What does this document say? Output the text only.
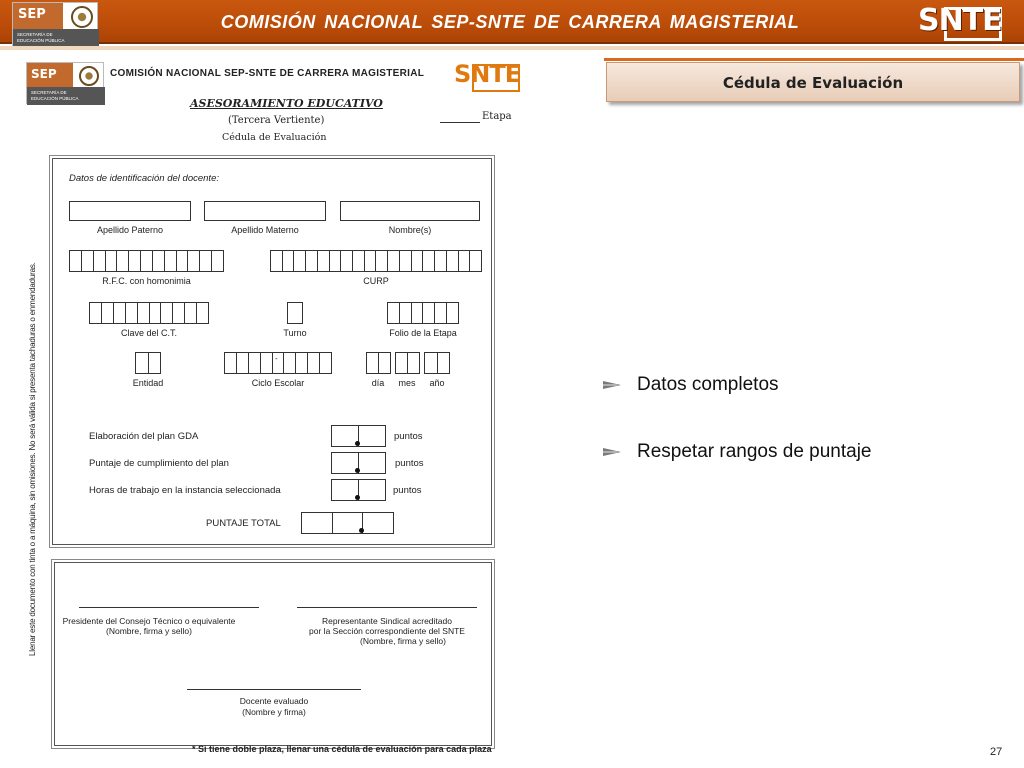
SEP
SECRETARÍA DE EDUCACIÓN PÚBLICA
COMISIÓN NACIONAL SEP-SNTE DE CARRERA MAGISTERIAL	SNTE
Cédula de Evaluación
SEP
SECRETARÍA DE EDUCACIÓN PÚBLICA
COMISIÓN NACIONAL SEP-SNTE DE CARRERA MAGISTERIAL SNTE
ASESORAMIENTO EDUCATIVO
(Tercera Vertiente)
Cédula de Evaluación
Etapa
Llenar este documento con tinta o a máquina, sin omisiones. No será válida si presenta tachaduras o enmendaduras.
Datos de identificación del docente:
Apellido Paterno	Apellido Materno	Nombre(s)
R.F.C. con homonimia	CURP
Clave del C.T.	Turno	Folio de la Etapa
-
Entidad	Ciclo Escolar	día	mes	año
Elaboración del plan GDA	puntos
Puntaje de cumplimiento del plan	puntos
Horas de trabajo en la instancia seleccionada	puntos
PUNTAJE TOTAL
Presidente del Consejo Técnico o equivalente
(Nombre, firma y sello)
Representante Sindical acreditado
por la Sección correspondiente del SNTE
(Nombre, firma y sello)
Docente evaluado
(Nombre y firma)
* Si tiene doble plaza, llenar una cédula de evaluación para cada plaza
Datos completos
Respetar rangos de puntaje
27
